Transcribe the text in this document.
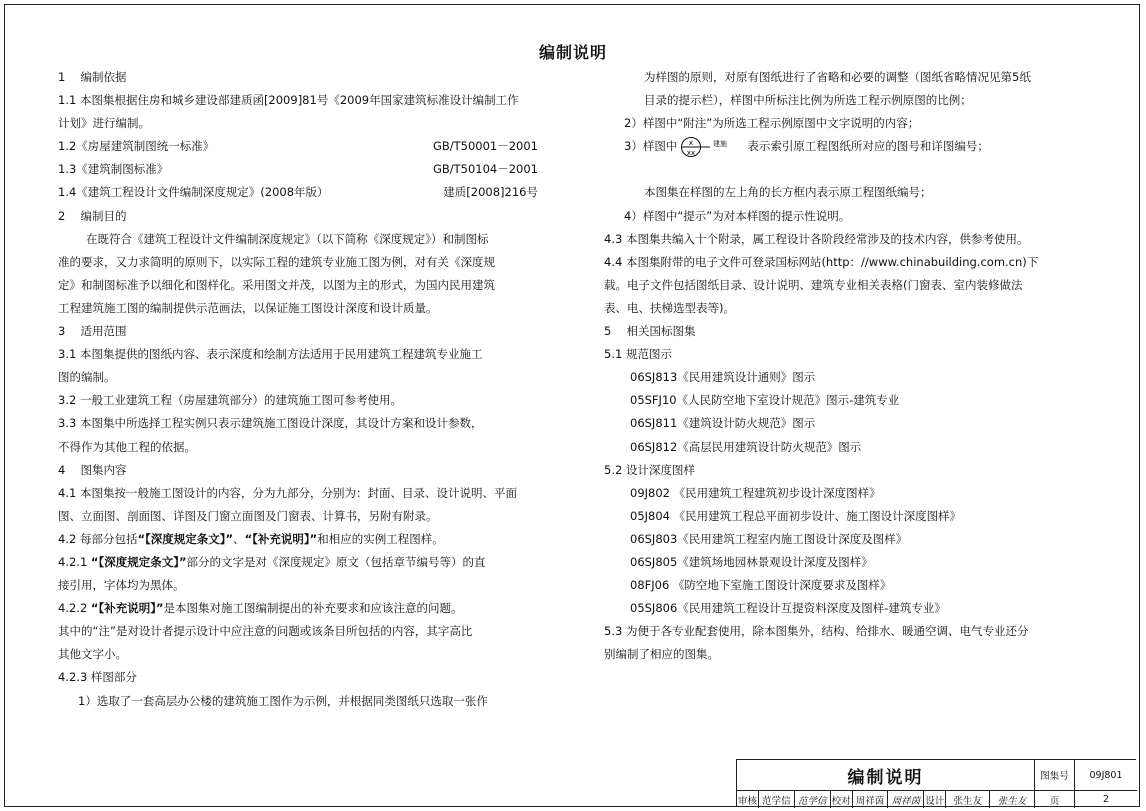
编制说明
1　 编制依据
1.1 本图集根据住房和城乡建设部建质函[2009]81号《2009年国家建筑标准设计编制工作
计划》进行编制。
1.2《房屋建筑制图统一标准》	GB/T50001－2001
1.3《建筑制图标准》	GB/T50104－2001
1.4《建筑工程设计文件编制深度规定》(2008年版）	建质[2008]216号
2　 编制目的
在既符合《建筑工程设计文件编制深度规定》（以下简称《深度规定》）和制图标
准的要求，又力求简明的原则下，以实际工程的建筑专业施工图为例，对有关《深度规
定》和制图标准予以细化和图样化。采用图文并茂，以图为主的形式，为国内民用建筑
工程建筑施工图的编制提供示范画法，以保证施工图设计深度和设计质量。
3　 适用范围
3.1 本图集提供的图纸内容、表示深度和绘制方法适用于民用建筑工程建筑专业施工
图的编制。
3.2 一般工业建筑工程（房屋建筑部分）的建筑施工图可参考使用。
3.3 本图集中所选择工程实例只表示建筑施工图设计深度，其设计方案和设计参数，
不得作为其他工程的依据。
4　 图集内容
4.1 本图集按一般施工图设计的内容，分为九部分，分别为：封面、目录、设计说明、平面
图、立面图、剖面图、详图及门窗立面图及门窗表、计算书，另附有附录。
4.2 每部分包括“【深度规定条文】”、“【补充说明】”和相应的实例工程图样。
4.2.1 “【深度规定条文】”部分的文字是对《深度规定》原文（包括章节编号等）的直
接引用，字体均为黑体。
4.2.2 “【补充说明】”是本图集对施工图编制提出的补充要求和应该注意的问题。
其中的“注”是对设计者提示设计中应注意的问题或该条目所包括的内容，其字高比
其他文字小。
4.2.3 样图部分
1）选取了一套高层办公楼的建筑施工图作为示例，并根据同类图纸只选取一张作
为样图的原则，对原有图纸进行了省略和必要的调整（图纸省略情况见第5纸
目录的提示栏），样图中所标注比例为所选工程示例原图的比例；
2）样图中“附注”为所选工程示例原图中文字说明的内容；
3）样图中 x
xx
建施 表示索引原工程图纸所对应的图号和详图编号；
本图集在样图的左上角的长方框内表示原工程图纸编号；
4）样图中“提示”为对本样图的提示性说明。
4.3 本图集共编入十个附录，属工程设计各阶段经常涉及的技术内容，供参考使用。
4.4 本图集附带的电子文件可登录国标网站(http：//www.chinabuilding.com.cn)下
载。电子文件包括图纸目录、设计说明、建筑专业相关表格(门窗表、室内装修做法
表、电、扶梯选型表等)。
5　 相关国标图集
5.1 规范图示
06SJ813《民用建筑设计通则》图示
05SFJ10《人民防空地下室设计规范》图示-建筑专业
06SJ811《建筑设计防火规范》图示
06SJ812《高层民用建筑设计防火规范》图示
5.2 设计深度图样
09J802 《民用建筑工程建筑初步设计深度图样》
05J804 《民用建筑工程总平面初步设计、施工图设计深度图样》
06SJ803《民用建筑工程室内施工图设计深度及图样》
06SJ805《建筑场地园林景观设计深度及图样》
08FJ06 《防空地下室施工图设计深度要求及图样》
05SJ806《民用建筑工程设计互提资料深度及图样-建筑专业》
5.3 为便于各专业配套使用，除本图集外，结构、给排水、暖通空调、电气专业还分
别编制了相应的图集。
编制说明	图集号	09J801
审核 范学信 范学信 校对 周祥茵 周祥茵 设计 张生友	张生友	页	2
